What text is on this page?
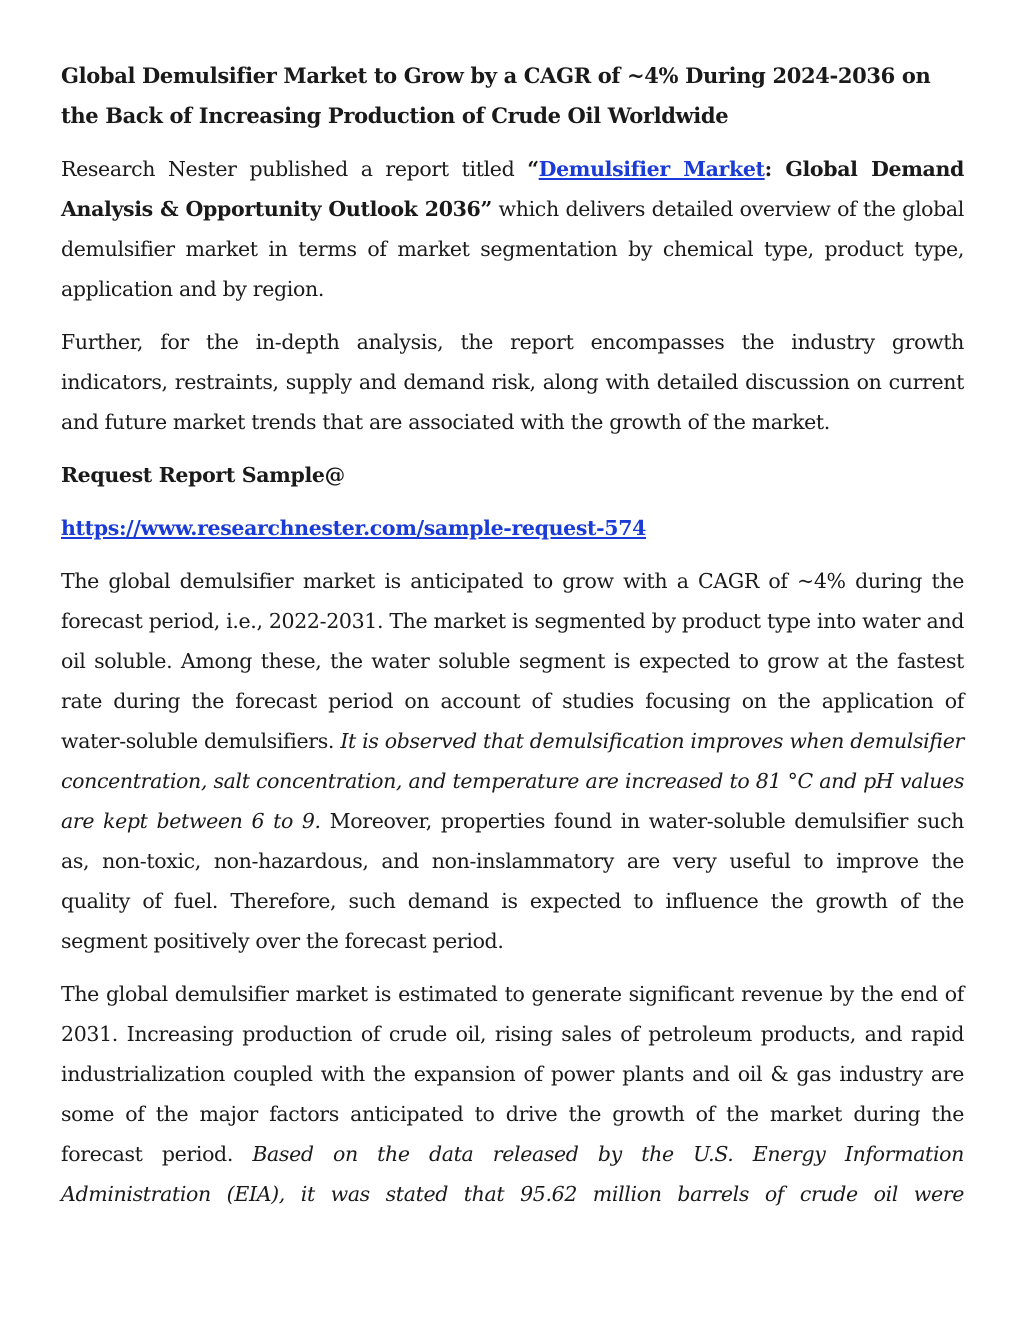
Global Demulsifier Market to Grow by a CAGR of ~4% During 2024-2036 on the Back of Increasing Production of Crude Oil Worldwide

Research Nester published a report titled “Demulsifier Market: Global Demand Analysis & Opportunity Outlook 2036” which delivers detailed overview of the global demulsifier market in terms of market segmentation by chemical type, product type, application and by region.

Further, for the in-depth analysis, the report encompasses the industry growth indicators, restraints, supply and demand risk, along with detailed discussion on current and future market trends that are associated with the growth of the market.

Request Report Sample@

https://www.researchnester.com/sample-request-574

The global demulsifier market is anticipated to grow with a CAGR of ~4% during the forecast period, i.e., 2022-2031. The market is segmented by product type into water and oil soluble. Among these, the water soluble segment is expected to grow at the fastest rate during the forecast period on account of studies focusing on the application of water-soluble demulsifiers. It is observed that demulsification improves when demulsifier concentration, salt concentration, and temperature are increased to 81 °C and pH values are kept between 6 to 9. Moreover, properties found in water-soluble demulsifier such as, non-toxic, non-hazardous, and non-inslammatory are very useful to improve the quality of fuel. Therefore, such demand is expected to influence the growth of the segment positively over the forecast period.

The global demulsifier market is estimated to generate significant revenue by the end of 2031. Increasing production of crude oil, rising sales of petroleum products, and rapid industrialization coupled with the expansion of power plants and oil & gas industry are some of the major factors anticipated to drive the growth of the market during the forecast period. Based on the data released by the U.S. Energy Information Administration (EIA), it was stated that 95.62 million barrels of crude oil were
